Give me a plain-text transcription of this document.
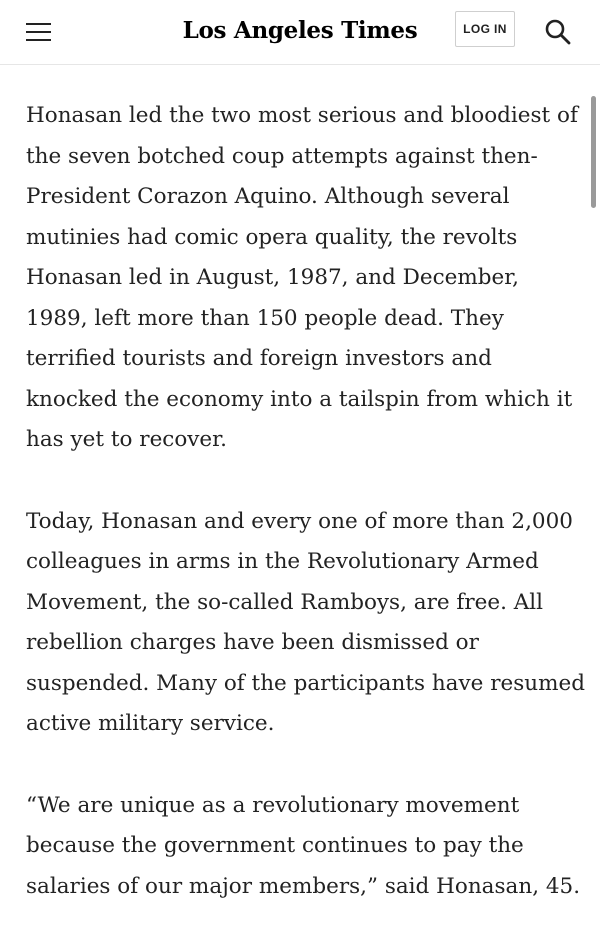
Los Angeles Times	LOG IN

Honasan led the two most serious and bloodiest of the seven botched coup attempts against then-President Corazon Aquino. Although several mutinies had comic opera quality, the revolts Honasan led in August, 1987, and December, 1989, left more than 150 people dead. They terrified tourists and foreign investors and knocked the economy into a tailspin from which it has yet to recover.

Today, Honasan and every one of more than 2,000 colleagues in arms in the Revolutionary Armed Movement, the so-called Ramboys, are free. All rebellion charges have been dismissed or suspended. Many of the participants have resumed active military service.

“We are unique as a revolutionary movement because the government continues to pay the salaries of our major members,” said Honasan, 45.
